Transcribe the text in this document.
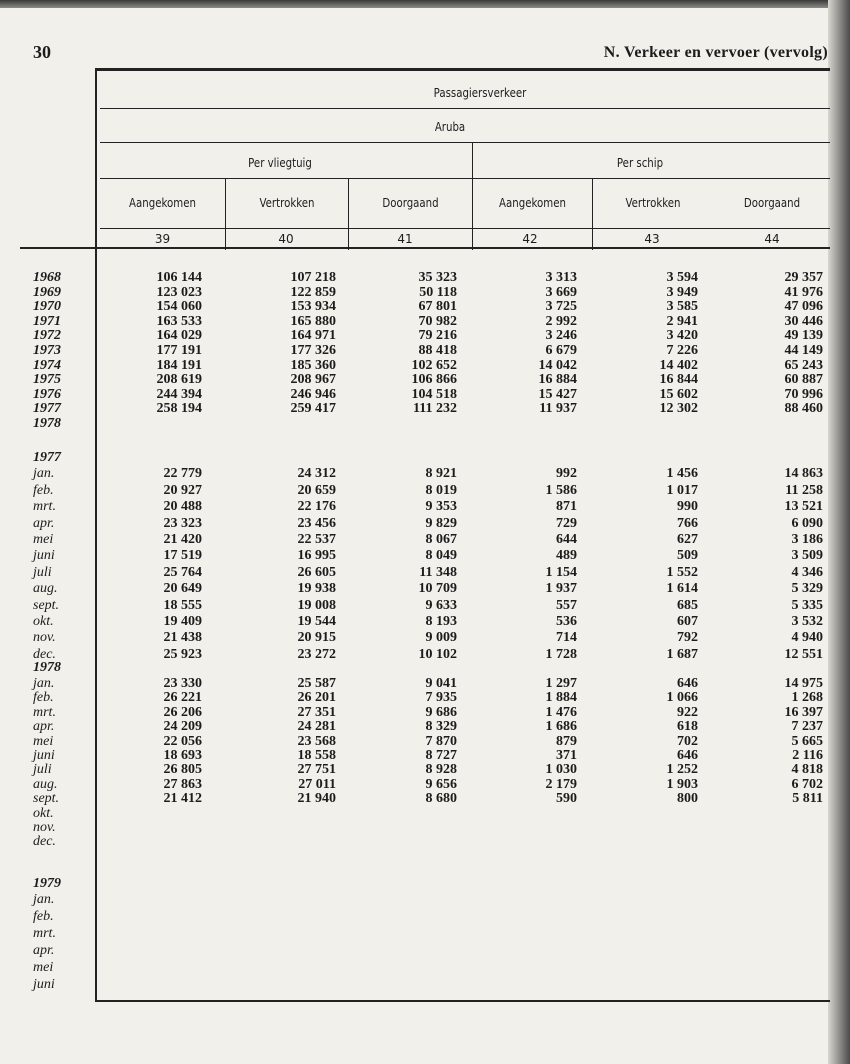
30	N. Verkeer en vervoer (vervolg)
Passagiersverkeer
Aruba
Per vliegtuig	Per schip
Aangekomen	Vertrokken	Doorgaand	Aangekomen	Vertrokken	Doorgaand
39	40	41	42	43	44
1968	106 144	107 218	35 323	3 313	3 594	29 357
1969	123 023	122 859	50 118	3 669	3 949	41 976
1970	154 060	153 934	67 801	3 725	3 585	47 096
1971	163 533	165 880	70 982	2 992	2 941	30 446
1972	164 029	164 971	79 216	3 246	3 420	49 139
1973	177 191	177 326	88 418	6 679	7 226	44 149
1974	184 191	185 360	102 652	14 042	14 402	65 243
1975	208 619	208 967	106 866	16 884	16 844	60 887
1976	244 394	246 946	104 518	15 427	15 602	70 996
1977	258 194	259 417	111 232	11 937	12 302	88 460
1978
1977
jan.	22 779	24 312	8 921	992	1 456	14 863
feb.	20 927	20 659	8 019	1 586	1 017	11 258
mrt.	20 488	22 176	9 353	871	990	13 521
apr.	23 323	23 456	9 829	729	766	6 090
mei	21 420	22 537	8 067	644	627	3 186
juni	17 519	16 995	8 049	489	509	3 509
juli	25 764	26 605	11 348	1 154	1 552	4 346
aug.	20 649	19 938	10 709	1 937	1 614	5 329
sept.	18 555	19 008	9 633	557	685	5 335
okt.	19 409	19 544	8 193	536	607	3 532
nov.	21 438	20 915	9 009	714	792	4 940
dec.	25 923	23 272	10 102	1 728	1 687	12 551
1978
jan.	23 330	25 587	9 041	1 297	646	14 975
feb.	26 221	26 201	7 935	1 884	1 066	1 268
mrt.	26 206	27 351	9 686	1 476	922	16 397
apr.	24 209	24 281	8 329	1 686	618	7 237
mei	22 056	23 568	7 870	879	702	5 665
juni	18 693	18 558	8 727	371	646	2 116
juli	26 805	27 751	8 928	1 030	1 252	4 818
aug.	27 863	27 011	9 656	2 179	1 903	6 702
sept.	21 412	21 940	8 680	590	800	5 811
okt.
nov.
dec.
1979
jan.
feb.
mrt.
apr.
mei
juni
